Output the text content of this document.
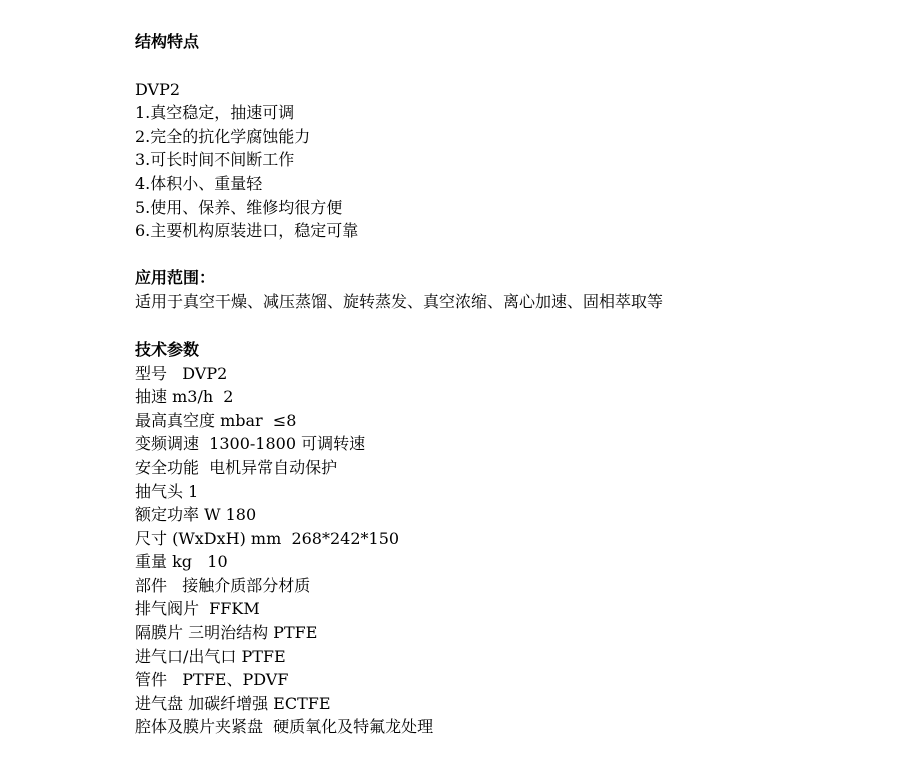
结构特点
DVP2
1.真空稳定，抽速可调
2.完全的抗化学腐蚀能力
3.可长时间不间断工作
4.体积小、重量轻
5.使用、保养、维修均很方便
6.主要机构原装进口，稳定可靠
应用范围：
适用于真空干燥、减压蒸馏、旋转蒸发、真空浓缩、离心加速、固相萃取等
技术参数
型号   DVP2
抽速 m3/h  2
最高真空度 mbar  ≤8
变频调速  1300-1800 可调转速
安全功能  电机异常自动保护
抽气头 1
额定功率 W 180
尺寸 (WxDxH) mm  268*242*150
重量 kg   10
部件   接触介质部分材质
排气阀片  FFKM
隔膜片 三明治结构 PTFE
进气口/出气口 PTFE
管件   PTFE、PDVF
进气盘 加碳纤增强 ECTFE
腔体及膜片夹紧盘  硬质氧化及特氟龙处理
